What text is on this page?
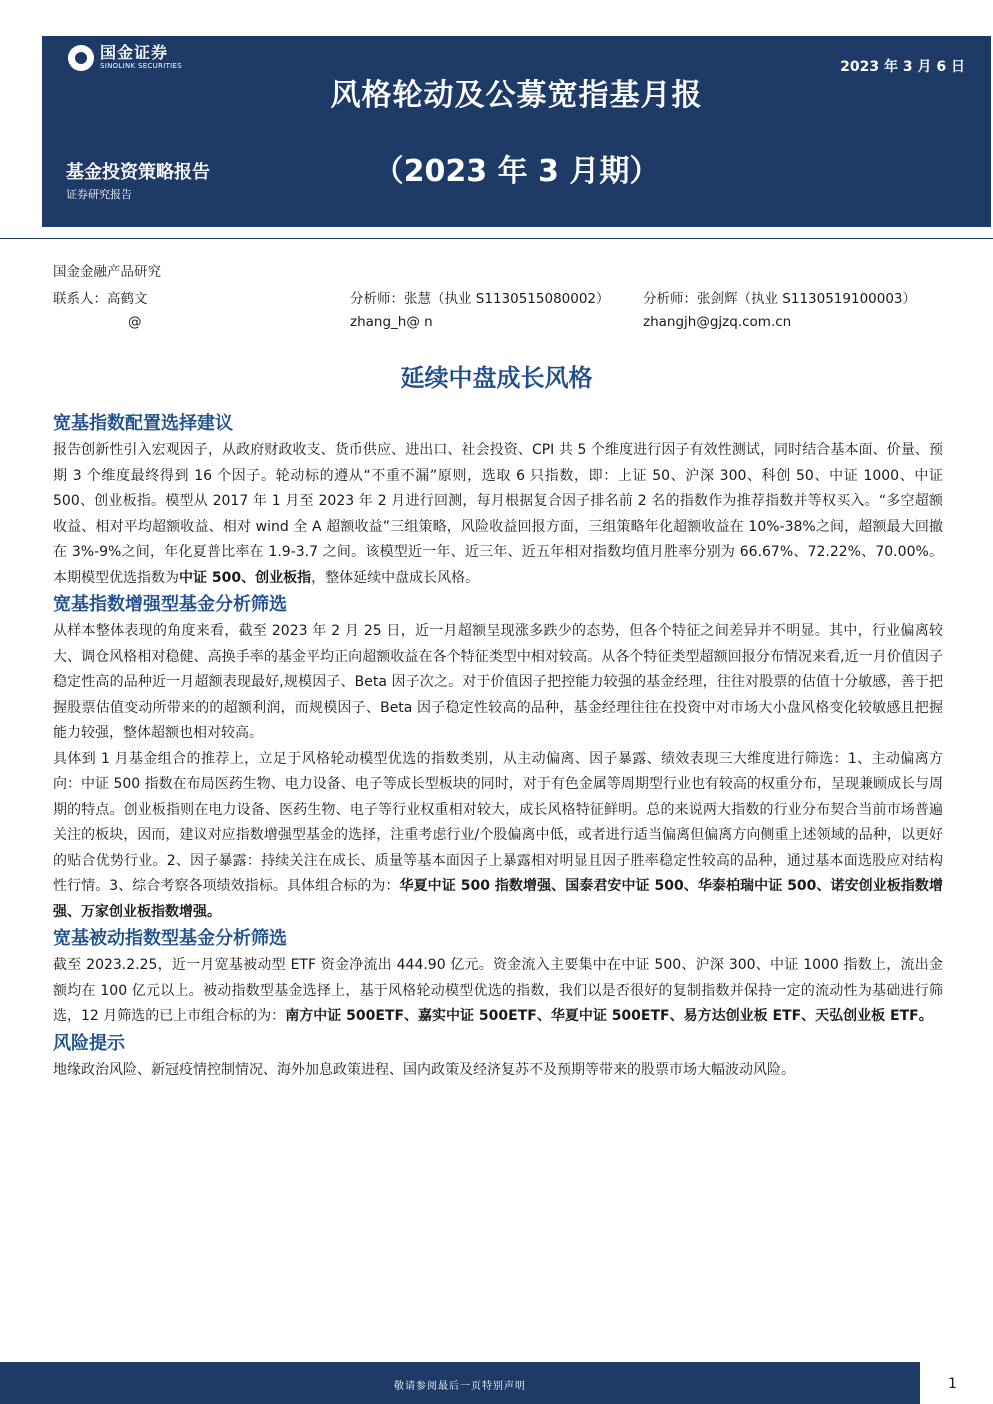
国金证券
SINOLINK SECURITIES	2023 年 3 月 6 日
风格轮动及公募宽指基月报
（2023 年 3 月期）
基金投资策略报告
证券研究报告
国金金融产品研究
联系人：高鹤文
@
分析师：张慧（执业 S1130515080002）
zhang_h@ n
分析师：张剑辉（执业 S1130519100003）
zhangjh@gjzq.com.cn
延续中盘成长风格
宽基指数配置选择建议

报告创新性引入宏观因子，从政府财政收支、货币供应、进出口、社会投资、CPI 共 5 个维度进行因子有效性测试，同时结合基本面、价量、预期 3 个维度最终得到 16 个因子。轮动标的遵从“不重不漏”原则，选取 6 只指数，即：上证 50、沪深 300、科创 50、中证 1000、中证 500、创业板指。模型从 2017 年 1 月至 2023 年 2 月进行回测，每月根据复合因子排名前 2 名的指数作为推荐指数并等权买入。“多空超额收益、相对平均超额收益、相对 wind 全 A 超额收益”三组策略，风险收益回报方面，三组策略年化超额收益在 10%-38%之间，超额最大回撤在 3%-9%之间，年化夏普比率在 1.9-3.7 之间。该模型近一年、近三年、近五年相对指数均值月胜率分别为 66.67%、72.22%、70.00%。本期模型优选指数为中证 500、创业板指，整体延续中盘成长风格。

宽基指数增强型基金分析筛选

从样本整体表现的角度来看，截至 2023 年 2 月 25 日，近一月超额呈现涨多跌少的态势，但各个特征之间差异并不明显。其中，行业偏离较大、调仓风格相对稳健、高换手率的基金平均正向超额收益在各个特征类型中相对较高。从各个特征类型超额回报分布情况来看,近一月价值因子稳定性高的品种近一月超额表现最好,规模因子、Beta 因子次之。对于价值因子把控能力较强的基金经理，往往对股票的估值十分敏感，善于把握股票估值变动所带来的的超额利润，而规模因子、Beta 因子稳定性较高的品种，基金经理往往在投资中对市场大小盘风格变化较敏感且把握能力较强，整体超额也相对较高。

具体到 1 月基金组合的推荐上，立足于风格轮动模型优选的指数类别，从主动偏离、因子暴露、绩效表现三大维度进行筛选：1、主动偏离方向：中证 500 指数在布局医药生物、电力设备、电子等成长型板块的同时，对于有色金属等周期型行业也有较高的权重分布，呈现兼顾成长与周期的特点。创业板指则在电力设备、医药生物、电子等行业权重相对较大，成长风格特征鲜明。总的来说两大指数的行业分布契合当前市场普遍关注的板块，因而，建议对应指数增强型基金的选择，注重考虑行业/个股偏离中低，或者进行适当偏离但偏离方向侧重上述领域的品种，以更好的贴合优势行业。2、因子暴露：持续关注在成长、质量等基本面因子上暴露相对明显且因子胜率稳定性较高的品种，通过基本面选股应对结构性行情。3、综合考察各项绩效指标。具体组合标的为：华夏中证 500 指数增强、国泰君安中证 500、华泰柏瑞中证 500、诺安创业板指数增强、万家创业板指数增强。

宽基被动指数型基金分析筛选

截至 2023.2.25，近一月宽基被动型 ETF 资金净流出 444.90 亿元。资金流入主要集中在中证 500、沪深 300、中证 1000 指数上，流出金额均在 100 亿元以上。被动指数型基金选择上，基于风格轮动模型优选的指数，我们以是否很好的复制指数并保持一定的流动性为基础进行筛选，12 月筛选的已上市组合标的为：南方中证 500ETF、嘉实中证 500ETF、华夏中证 500ETF、易方达创业板 ETF、天弘创业板 ETF。

风险提示

地缘政治风险、新冠疫情控制情况、海外加息政策进程、国内政策及经济复苏不及预期等带来的股票市场大幅波动风险。

敬请参阅最后一页特别声明	1
